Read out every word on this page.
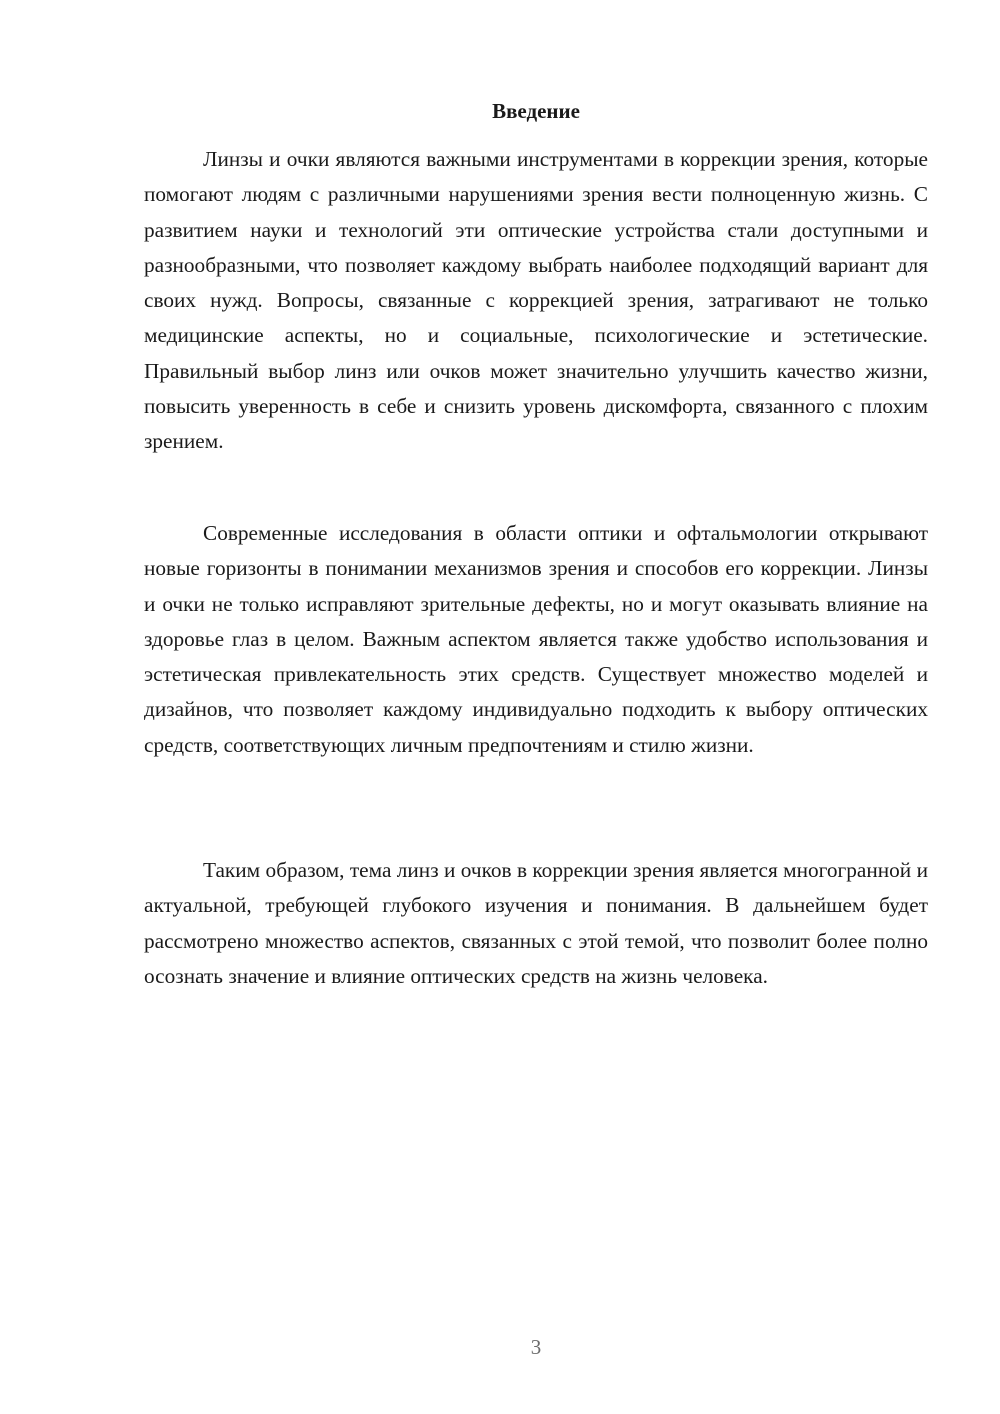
Введение

Линзы и очки являются важными инструментами в коррекции зрения, которые помогают людям с различными нарушениями зрения вести полноценную жизнь. С развитием науки и технологий эти оптические устройства стали доступными и разнообразными, что позволяет каждому выбрать наиболее подходящий вариант для своих нужд. Вопросы, связанные с коррекцией зрения, затрагивают не только медицинские аспекты, но и социальные, психологические и эстетические. Правильный выбор линз или очков может значительно улучшить качество жизни, повысить уверенность в себе и снизить уровень дискомфорта, связанного с плохим зрением.

Современные исследования в области оптики и офтальмологии открывают новые горизонты в понимании механизмов зрения и способов его коррекции. Линзы и очки не только исправляют зрительные дефекты, но и могут оказывать влияние на здоровье глаз в целом. Важным аспектом является также удобство использования и эстетическая привлекательность этих средств. Существует множество моделей и дизайнов, что позволяет каждому индивидуально подходить к выбору оптических средств, соответствующих личным предпочтениям и стилю жизни.

Таким образом, тема линз и очков в коррекции зрения является многогранной и актуальной, требующей глубокого изучения и понимания. В дальнейшем будет рассмотрено множество аспектов, связанных с этой темой, что позволит более полно осознать значение и влияние оптических средств на жизнь человека.

3
